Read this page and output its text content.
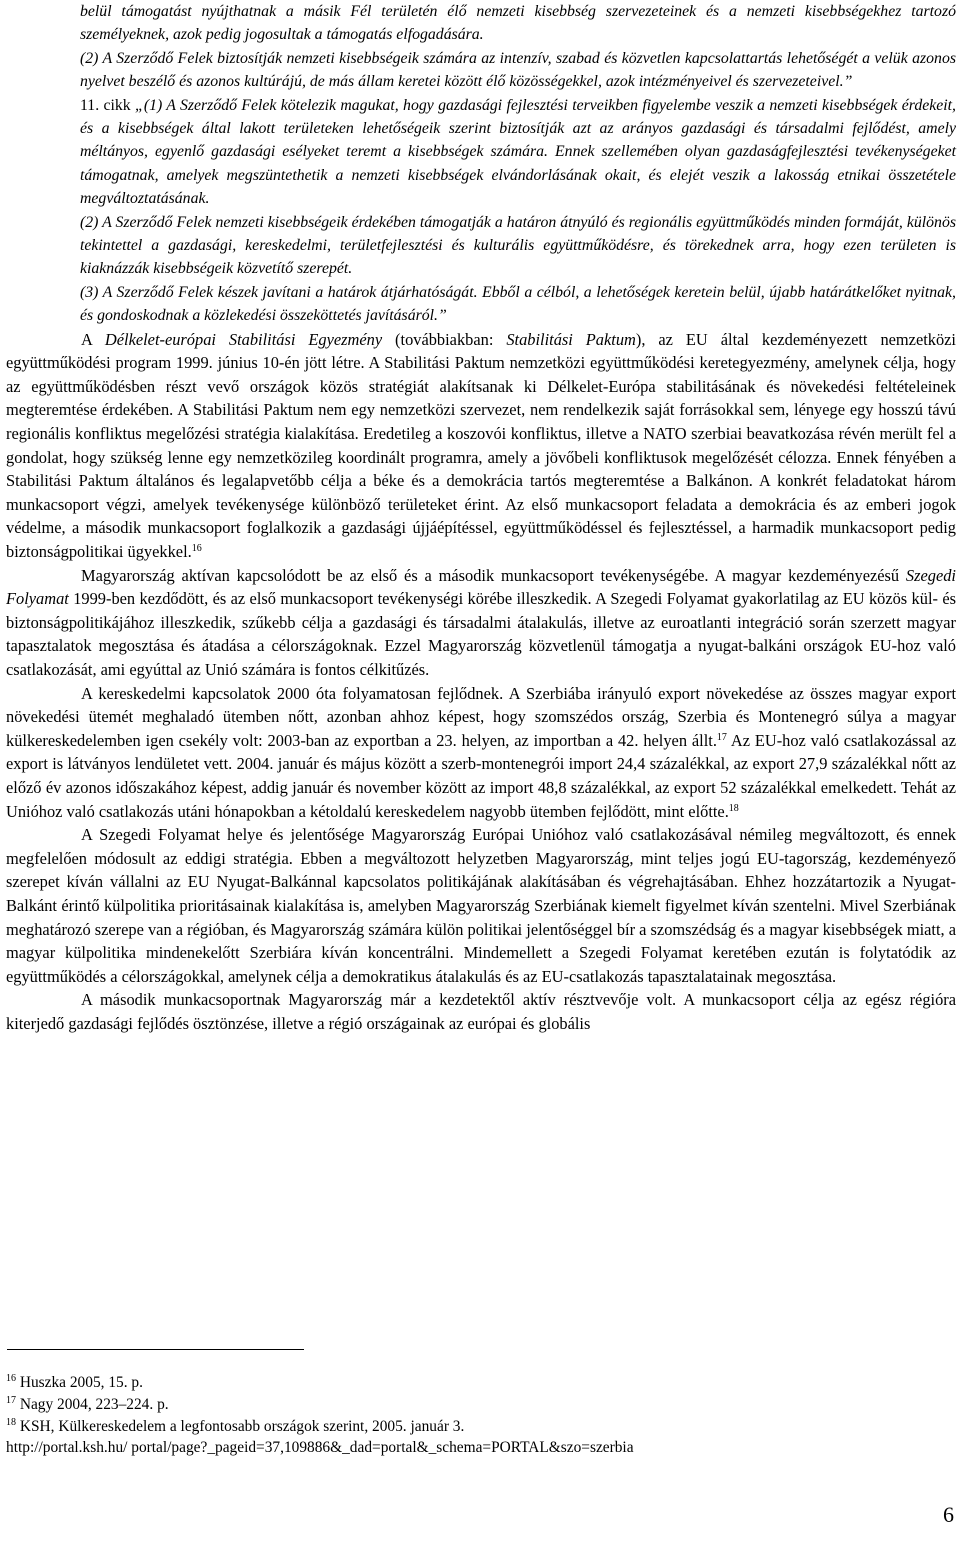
belül támogatást nyújthatnak a másik Fél területén élő nemzeti kisebbség szervezeteinek és a nemzeti kisebbségekhez tartozó személyeknek, azok pedig jogosultak a támogatás elfogadására.

(2) A Szerződő Felek biztosítják nemzeti kisebbségeik számára az intenzív, szabad és közvetlen kapcsolattartás lehetőségét a velük azonos nyelvet beszélő és azonos kultúrájú, de más állam keretei között élő közösségekkel, azok intézményeivel és szervezeteivel.”

11. cikk „(1) A Szerződő Felek kötelezik magukat, hogy gazdasági fejlesztési terveikben figyelembe veszik a nemzeti kisebbségek érdekeit, és a kisebbségek által lakott területeken lehetőségeik szerint biztosítják azt az arányos gazdasági és társadalmi fejlődést, amely méltányos, egyenlő gazdasági esélyeket teremt a kisebbségek számára. Ennek szellemében olyan gazdaságfejlesztési tevékenységeket támogatnak, amelyek megszüntethetik a nemzeti kisebbségek elvándorlásának okait, és elejét veszik a lakosság etnikai összetétele megváltoztatásának.

(2) A Szerződő Felek nemzeti kisebbségeik érdekében támogatják a határon átnyúló és regionális együttműködés minden formáját, különös tekintettel a gazdasági, kereskedelmi, területfejlesztési és kulturális együttműködésre, és törekednek arra, hogy ezen területen is kiaknázzák kisebbségeik közvetítő szerepét.

(3) A Szerződő Felek készek javítani a határok átjárhatóságát. Ebből a célból, a lehetőségek keretein belül, újabb határátkelőket nyitnak, és gondoskodnak a közlekedési összeköttetés javításáról.”

A Délkelet-európai Stabilitási Egyezmény (továbbiakban: Stabilitási Paktum), az EU által kezdeményezett nemzetközi együttműködési program 1999. június 10-én jött létre. A Stabilitási Paktum nemzetközi együttműködési keretegyezmény, amelynek célja, hogy az együttműködésben részt vevő országok közös stratégiát alakítsanak ki Délkelet-Európa stabilitásának és növekedési feltételeinek megteremtése érdekében. A Stabilitási Paktum nem egy nemzetközi szervezet, nem rendelkezik saját forrásokkal sem, lényege egy hosszú távú regionális konfliktus megelőzési stratégia kialakítása. Eredetileg a koszovói konfliktus, illetve a NATO szerbiai beavatkozása révén merült fel a gondolat, hogy szükség lenne egy nemzetközileg koordinált programra, amely a jövőbeli konfliktusok megelőzését célozza. Ennek fényében a Stabilitási Paktum általános és legalapvetőbb célja a béke és a demokrácia tartós megteremtése a Balkánon. A konkrét feladatokat három munkacsoport végzi, amelyek tevékenysége különböző területeket érint. Az első munkacsoport feladata a demokrácia és az emberi jogok védelme, a második munkacsoport foglalkozik a gazdasági újjáépítéssel, együttműködéssel és fejlesztéssel, a harmadik munkacsoport pedig biztonságpolitikai ügyekkel.$^{16}$

Magyarország aktívan kapcsolódott be az első és a második munkacsoport tevékenységébe. A magyar kezdeményezésű Szegedi Folyamat 1999-ben kezdődött, és az első munkacsoport tevékenységi körébe illeszkedik. A Szegedi Folyamat gyakorlatilag az EU közös kül- és biztonságpolitikájához illeszkedik, szűkebb célja a gazdasági és társadalmi átalakulás, illetve az euroatlanti integráció során szerzett magyar tapasztalatok megosztása és átadása a célországoknak. Ezzel Magyarország közvetlenül támogatja a nyugat-balkáni országok EU-hoz való csatlakozását, ami egyúttal az Unió számára is fontos célkitűzés.

A kereskedelmi kapcsolatok 2000 óta folyamatosan fejlődnek. A Szerbiába irányuló export növekedése az összes magyar export növekedési ütemét meghaladó ütemben nőtt, azonban ahhoz képest, hogy szomszédos ország, Szerbia és Montenegró súlya a magyar külkereskedelemben igen csekély volt: 2003-ban az exportban a 23. helyen, az importban a 42. helyen állt.$^{17}$ Az EU-hoz való csatlakozással az export is látványos lendületet vett. 2004. január és május között a szerb-montenegrói import 24,4 százalékkal, az export 27,9 százalékkal nőtt az előző év azonos időszakához képest, addig január és november között az import 48,8 százalékkal, az export 52 százalékkal emelkedett. Tehát az Unióhoz való csatlakozás utáni hónapokban a kétoldalú kereskedelem nagyobb ütemben fejlődött, mint előtte.$^{18}$

A Szegedi Folyamat helye és jelentősége Magyarország Európai Unióhoz való csatlakozásával némileg megváltozott, és ennek megfelelően módosult az eddigi stratégia. Ebben a megváltozott helyzetben Magyarország, mint teljes jogú EU-tagország, kezdeményező szerepet kíván vállalni az EU Nyugat-Balkánnal kapcsolatos politikájának alakításában és végrehajtásában. Ehhez hozzátartozik a Nyugat-Balkánt érintő külpolitika prioritásainak kialakítása is, amelyben Magyarország Szerbiának kiemelt figyelmet kíván szentelni. Mivel Szerbiának meghatározó szerepe van a régióban, és Magyarország számára külön politikai jelentőséggel bír a szomszédság és a magyar kisebbségek miatt, a magyar külpolitika mindenekelőtt Szerbiára kíván koncentrálni. Mindemellett a Szegedi Folyamat keretében ezután is folytatódik az együttműködés a célországokkal, amelynek célja a demokratikus átalakulás és az EU-csatlakozás tapasztalatainak megosztása.

A második munkacsoportnak Magyarország már a kezdetektől aktív résztvevője volt. A munkacsoport célja az egész régióra kiterjedő gazdasági fejlődés ösztönzése, illetve a régió országainak az európai és globális

$^{16}$ Huszka 2005, 15. p.

$^{17}$ Nagy 2004, 223–224. p.

$^{18}$ KSH, Külkereskedelem a legfontosabb országok szerint, 2005. január 3.

http://portal.ksh.hu/ portal/page?_pageid=37,109886&_dad=portal&_schema=PORTAL&szo=szerbia

6
